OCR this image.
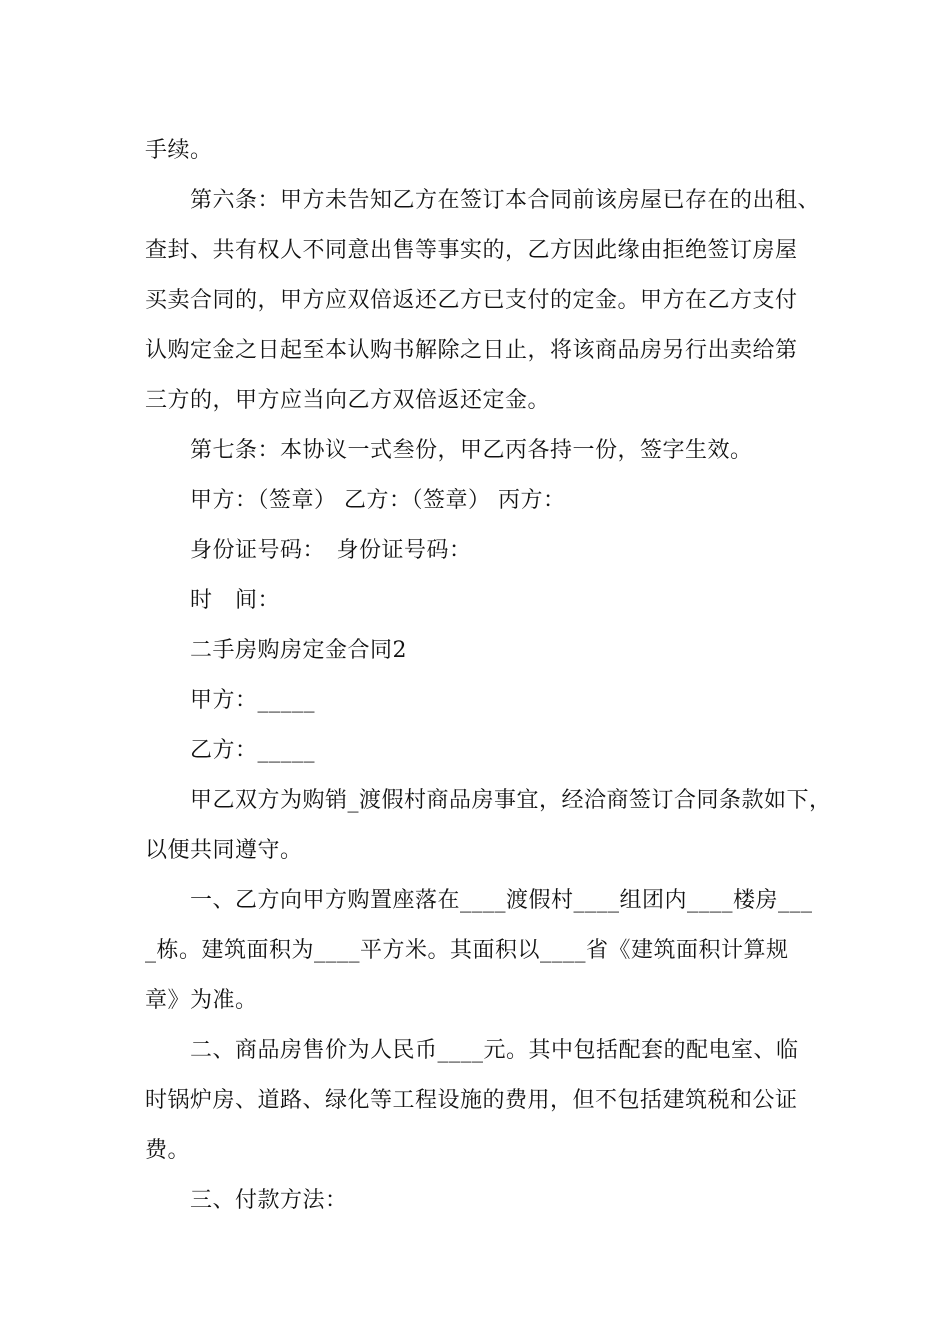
手续。
第六条：甲方未告知乙方在签订本合同前该房屋已存在的出租、
查封、共有权人不同意出售等事实的，乙方因此缘由拒绝签订房屋
买卖合同的，甲方应双倍返还乙方已支付的定金。甲方在乙方支付
认购定金之日起至本认购书解除之日止，将该商品房另行出卖给第
三方的，甲方应当向乙方双倍返还定金。
第七条：本协议一式叁份，甲乙丙各持一份，签字生效。
甲方：（签章） 乙方：（签章） 丙方：
身份证号码：　身份证号码：
时　间：
二手房购房定金合同2
甲方：_____
乙方：_____
甲乙双方为购销_渡假村商品房事宜，经洽商签订合同条款如下，
以便共同遵守。
一、乙方向甲方购置座落在____渡假村____组团内____楼房___
_栋。建筑面积为____平方米。其面积以____省《建筑面积计算规
章》为准。
二、商品房售价为人民币____元。其中包括配套的配电室、临
时锅炉房、道路、绿化等工程设施的费用，但不包括建筑税和公证
费。
三、付款方法：
